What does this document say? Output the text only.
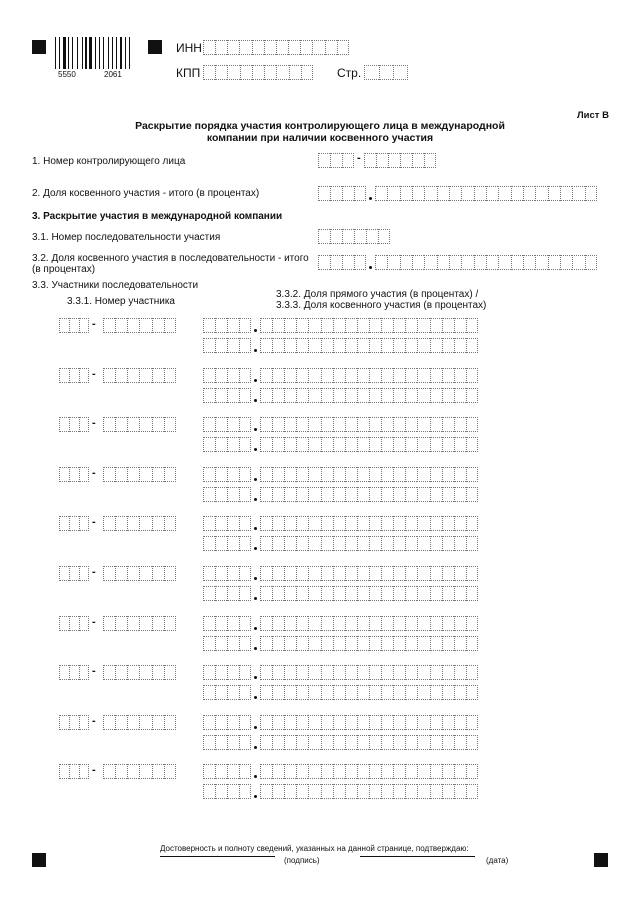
5550	2061
ИНН
КПП	Стр.
Лист В
Раскрытие порядка участия контролирующего лица в международной
компании при наличии косвенного участия
1. Номер контролирующего лица	-
2. Доля косвенного участия - итого (в процентах)
3. Раскрытие участия в международной компании
3.1. Номер последовательности участия
3.2. Доля косвенного участия в последовательности - итого
(в процентах)
3.3. Участники последовательности
3.3.1. Номер участника
3.3.2. Доля прямого участия (в процентах) /
3.3.3. Доля косвенного участия (в процентах)
-
-
-
-
-
-
-
-
-
-
Достоверность и полноту сведений, указанных на данной странице, подтверждаю:
(подпись)	(дата)
